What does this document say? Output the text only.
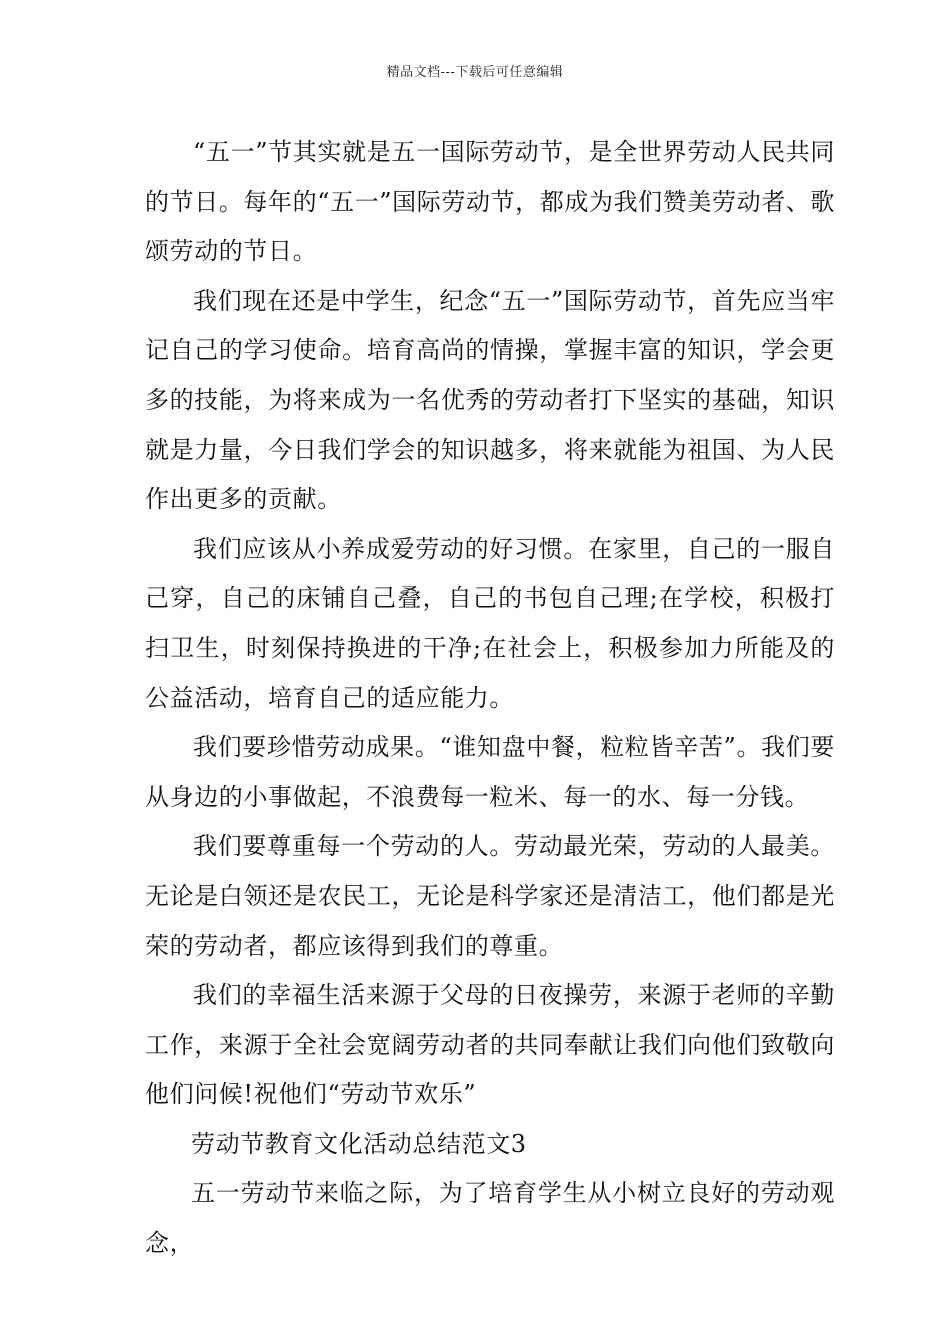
精品文档---下载后可任意编辑

“五一”节其实就是五一国际劳动节，是全世界劳动人民共同的节日。每年的“五一”国际劳动节，都成为我们赞美劳动者、歌颂劳动的节日。

我们现在还是中学生，纪念“五一”国际劳动节，首先应当牢记自己的学习使命。培育高尚的情操，掌握丰富的知识，学会更多的技能，为将来成为一名优秀的劳动者打下坚实的基础，知识就是力量，今日我们学会的知识越多，将来就能为祖国、为人民作出更多的贡献。

我们应该从小养成爱劳动的好习惯。在家里，自己的一服自己穿，自己的床铺自己叠，自己的书包自己理;在学校，积极打扫卫生，时刻保持换进的干净;在社会上，积极参加力所能及的公益活动，培育自己的适应能力。

我们要珍惜劳动成果。“谁知盘中餐，粒粒皆辛苦”。我们要从身边的小事做起，不浪费每一粒米、每一的水、每一分钱。

我们要尊重每一个劳动的人。劳动最光荣，劳动的人最美。无论是白领还是农民工，无论是科学家还是清洁工，他们都是光荣的劳动者，都应该得到我们的尊重。

我们的幸福生活来源于父母的日夜操劳，来源于老师的辛勤工作，来源于全社会宽阔劳动者的共同奉献让我们向他们致敬向他们问候!祝他们“劳动节欢乐”

劳动节教育文化活动总结范文3

五一劳动节来临之际，为了培育学生从小树立良好的劳动观念，
